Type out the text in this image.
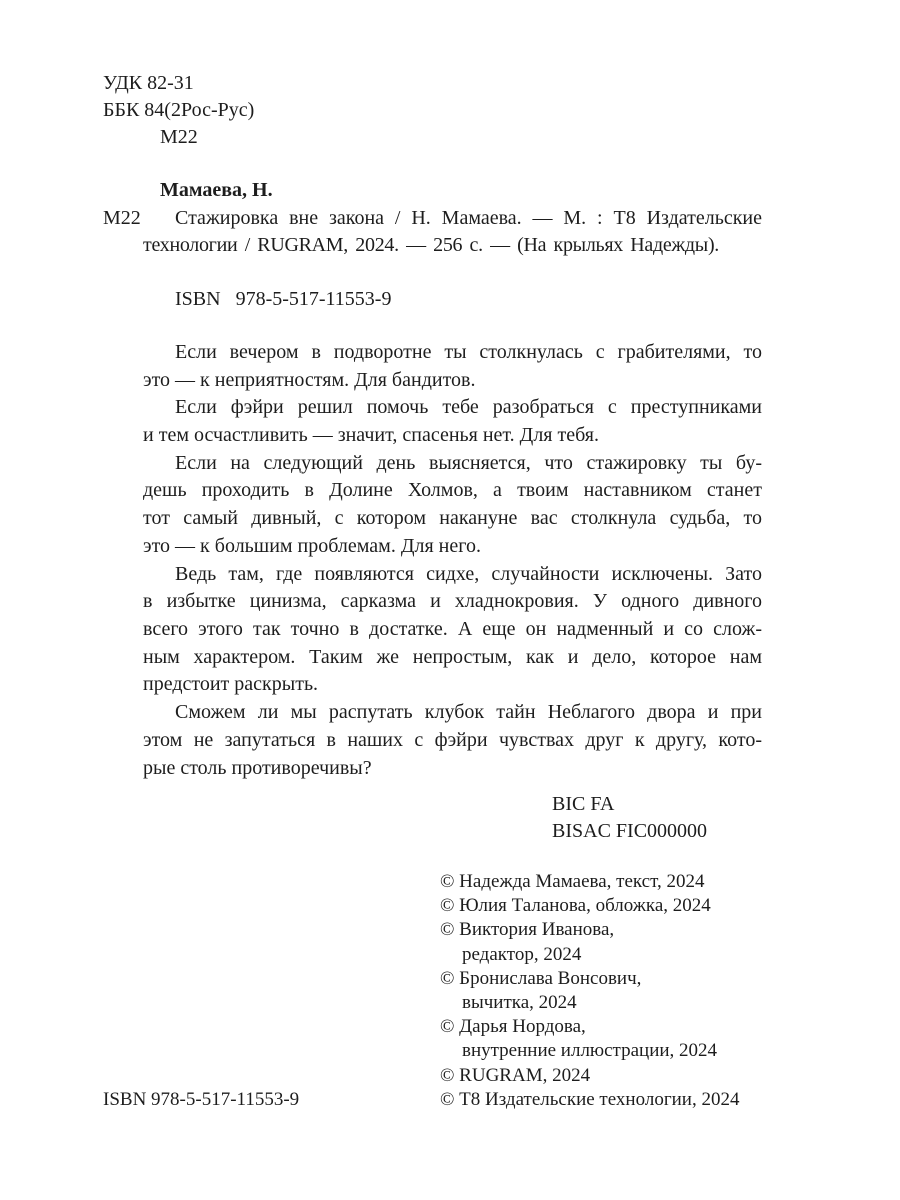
УДК 82-31
ББК 84(2Рос-Рус)
М22
Мамаева, Н.
М22 Стажировка вне закона / Н. Мамаева. — М. : Т8 Издательские
технологии / RUGRAM, 2024. — 256 с. — (На крыльях Надежды).
ISBN   978-5-517-11553-9
Если вечером в подворотне ты столкнулась с грабителями, то
это — к неприятностям. Для бандитов.
Если фэйри решил помочь тебе разобраться с преступниками
и тем осчастливить — значит, спасенья нет. Для тебя.
Если на следующий день выясняется, что стажировку ты бу-
дешь проходить в Долине Холмов, а твоим наставником станет
тот самый дивный, с котором накануне вас столкнула судьба, то
это — к большим проблемам. Для него.
Ведь там, где появляются сидхе, случайности исключены. Зато
в избытке цинизма, сарказма и хладнокровия. У одного дивного
всего этого так точно в достатке. А еще он надменный и со слож-
ным характером. Таким же непростым, как и дело, которое нам
предстоит раскрыть.
Сможем ли мы распутать клубок тайн Неблагого двора и при
этом не запутаться в наших с фэйри чувствах друг к другу, кото-
рые столь противоречивы?
BIC FA
BISAC FIC000000
© Надежда Мамаева, текст, 2024
© Юлия Таланова, обложка, 2024
© Виктория Иванова,
редактор, 2024
© Бронислава Вонсович,
вычитка, 2024
© Дарья Нордова,
внутренние иллюстрации, 2024
© RUGRAM, 2024
© Т8 Издательские технологии, 2024
ISBN 978-5-517-11553-9
